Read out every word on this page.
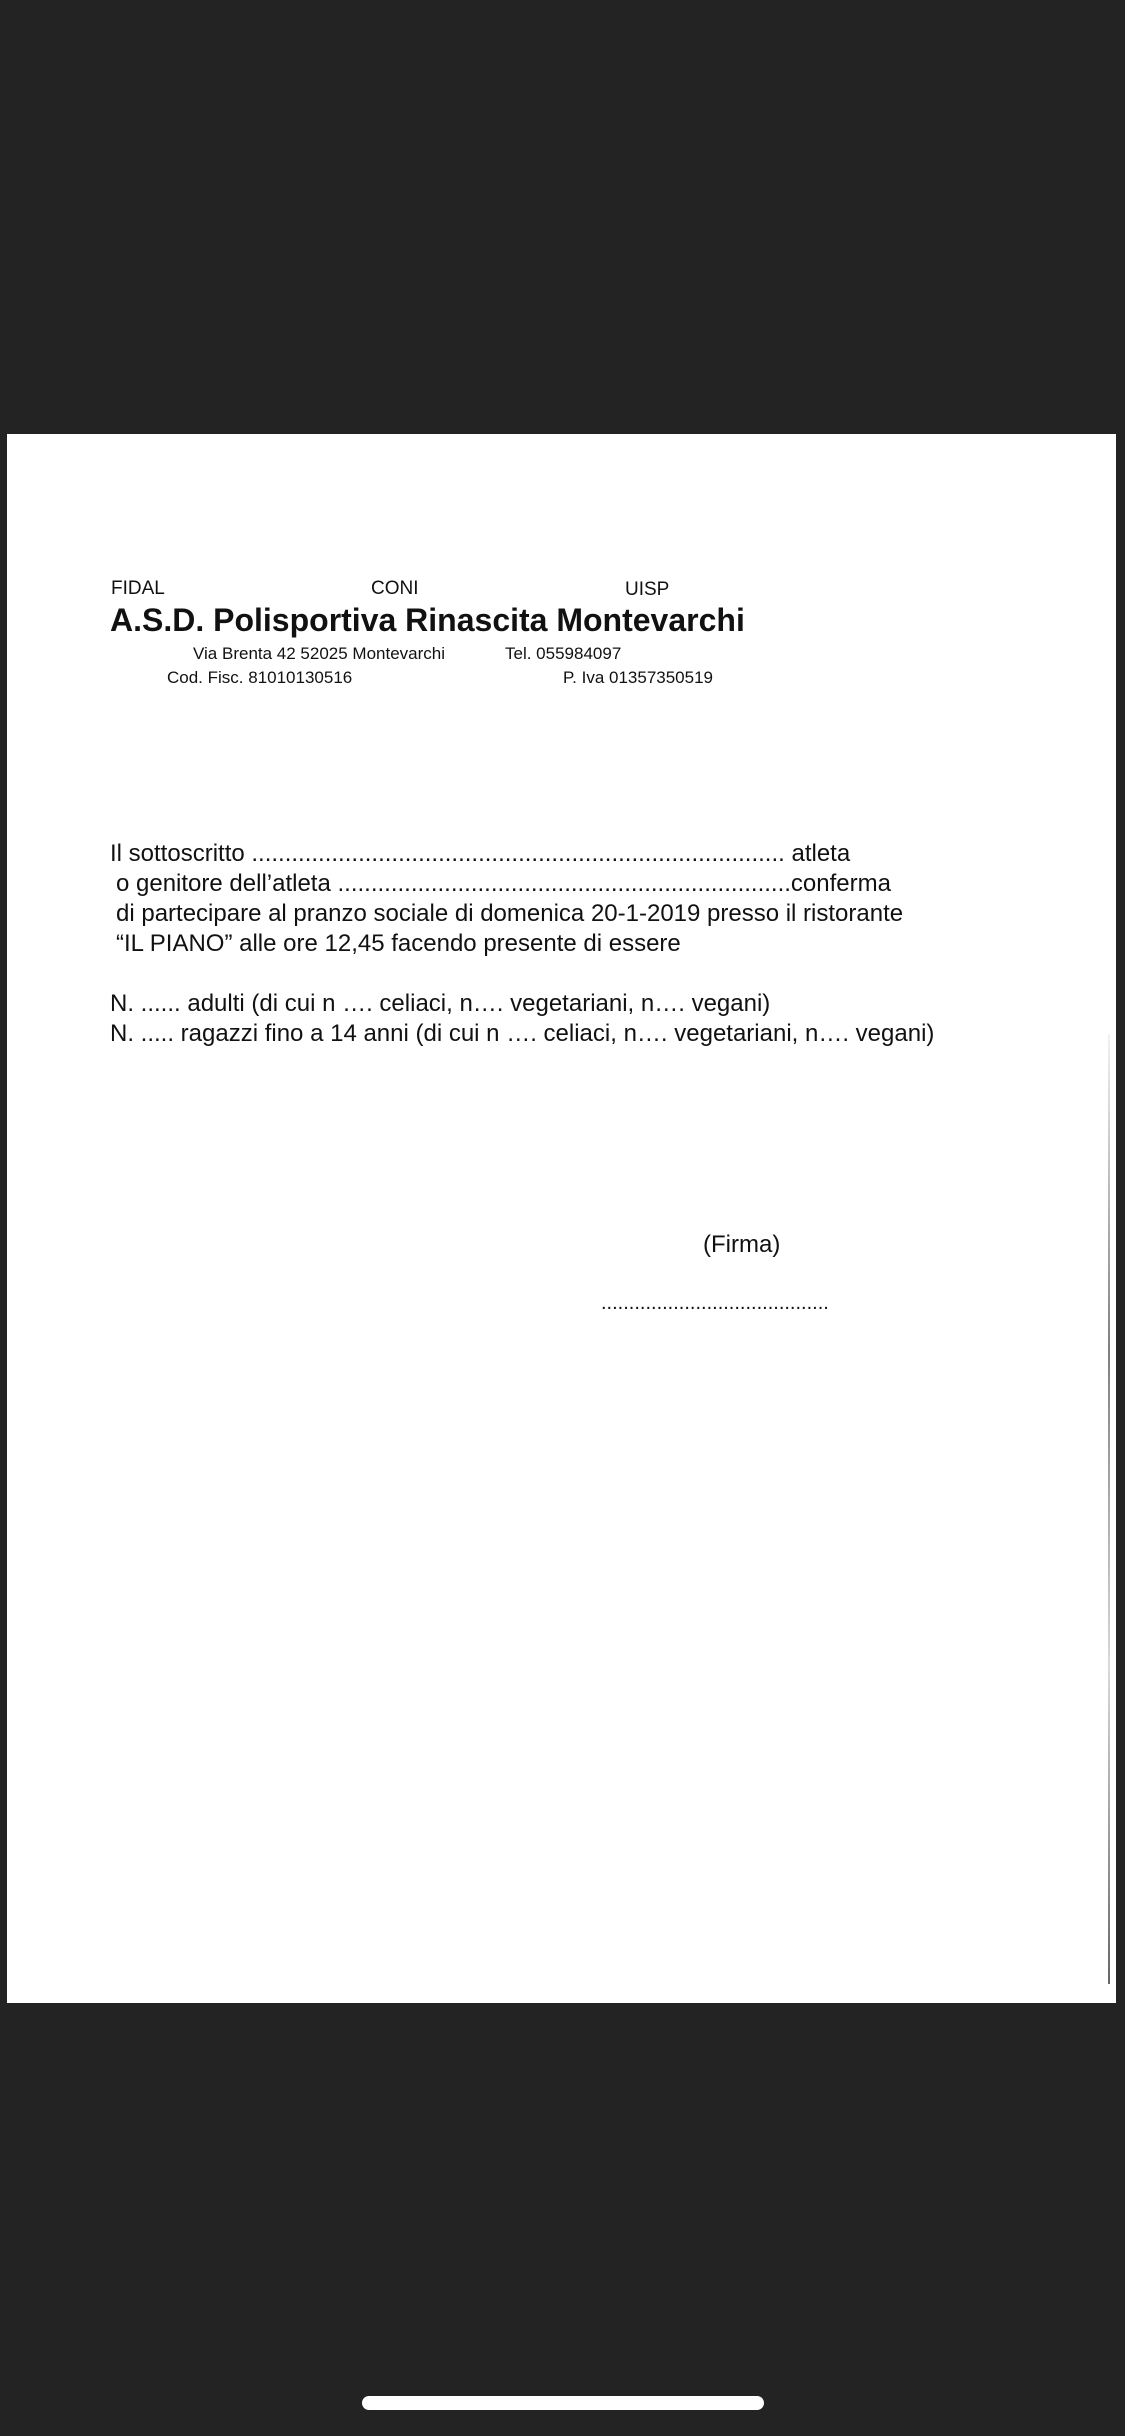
FIDAL	CONI	UISP
A.S.D. Polisportiva Rinascita Montevarchi
Via Brenta 42 52025 Montevarchi	Tel. 055984097
Cod. Fisc. 81010130516	P. Iva 01357350519
Il sottoscritto ................................................................................ atleta
o genitore dell’atleta ....................................................................conferma
di partecipare al pranzo sociale di domenica 20-1-2019 presso il ristorante
“IL PIANO” alle ore 12,45 facendo presente di essere
N. ...... adulti (di cui n …. celiaci, n…. vegetariani, n…. vegani)
N. ..... ragazzi fino a 14 anni (di cui n …. celiaci, n…. vegetariani, n…. vegani)
(Firma)
.........................................
